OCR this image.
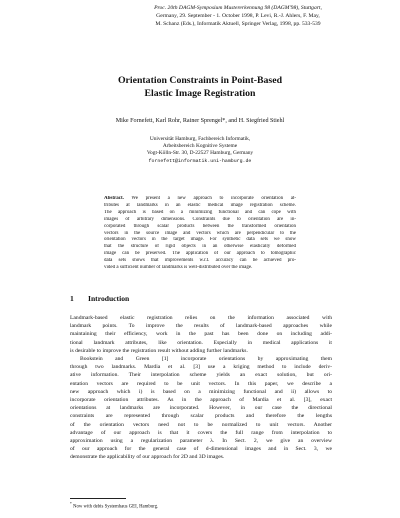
Proc. 20th DAGM-Symposium Mustererkennung 98 (DAGM'98), Stuttgart,
Germany, 29. September - 1. October 1998, P. Levi, R.-J. Ahlers, F. May,
M. Schanz (Eds.), Informatik Aktuell, Springer Verlag, 1998, pp. 533-539
Orientation Constraints in Point-Based
Elastic Image Registration
Mike Fornefett, Karl Rohr, Rainer Sprengel*, and H. Siegfried Stiehl
Universität Hamburg, Fachbereich Informatik,
Arbeitsbereich Kognitive Systeme
Vogt-Kölln-Str. 30, D-22527 Hamburg, Germany
fornefett@informatik.uni-hamburg.de
Abstract. We present a new approach to incorporate orientation at-
tributes at landmarks in an elastic medical image registration scheme.
The approach is based on a minimizing functional and can cope with
images of arbitrary dimensions. Constraints due to orientation are in-
corporated through scalar products between the transformed orientation
vectors in the source image and vectors which are perpendicular to the
orientation vectors in the target image. For synthetic data sets we show
that the structure of rigid objects in an otherwise elastically deformed
image can be preserved. The application of our approach to tomographic
data sets shows that improvements w.r.t. accuracy can be achieved pro-
vided a sufficient number of landmarks is well-distributed over the image.
1 Introduction
Landmark-based elastic registration relies on the information associated with
landmark points. To improve the results of landmark-based approaches while
maintaining their efficiency, work in the past has been done on including addi-
tional landmark attributes, like orientation. Especially in medical applications it
is desirable to improve the registration result without adding further landmarks.
Bookstein and Green [1] incorporate orientations by approximating them
through two landmarks. Mardia et al. [3] use a kriging method to include deriv-
ative information. Their interpolation scheme yields an exact solution, but ori-
entation vectors are required to be unit vectors. In this paper, we describe a
new approach which i) is based on a minimizing functional and ii) allows to
incorporate orientation attributes. As in the approach of Mardia et al. [3], exact
orientations at landmarks are incorporated. However, in our case the directional
constraints are represented through scalar products and therefore the lengths
of the orientation vectors need not to be normalized to unit vectors. Another
advantage of our approach is that it covers the full range from interpolation to
approximation using a regularization parameter λ. In Sect. 2, we give an overview
of our approach for the general case of d-dimensional images and in Sect. 3, we
demonstrate the applicability of our approach for 2D and 3D images.
* Now with debis Systemhaus GEI, Hamburg.
